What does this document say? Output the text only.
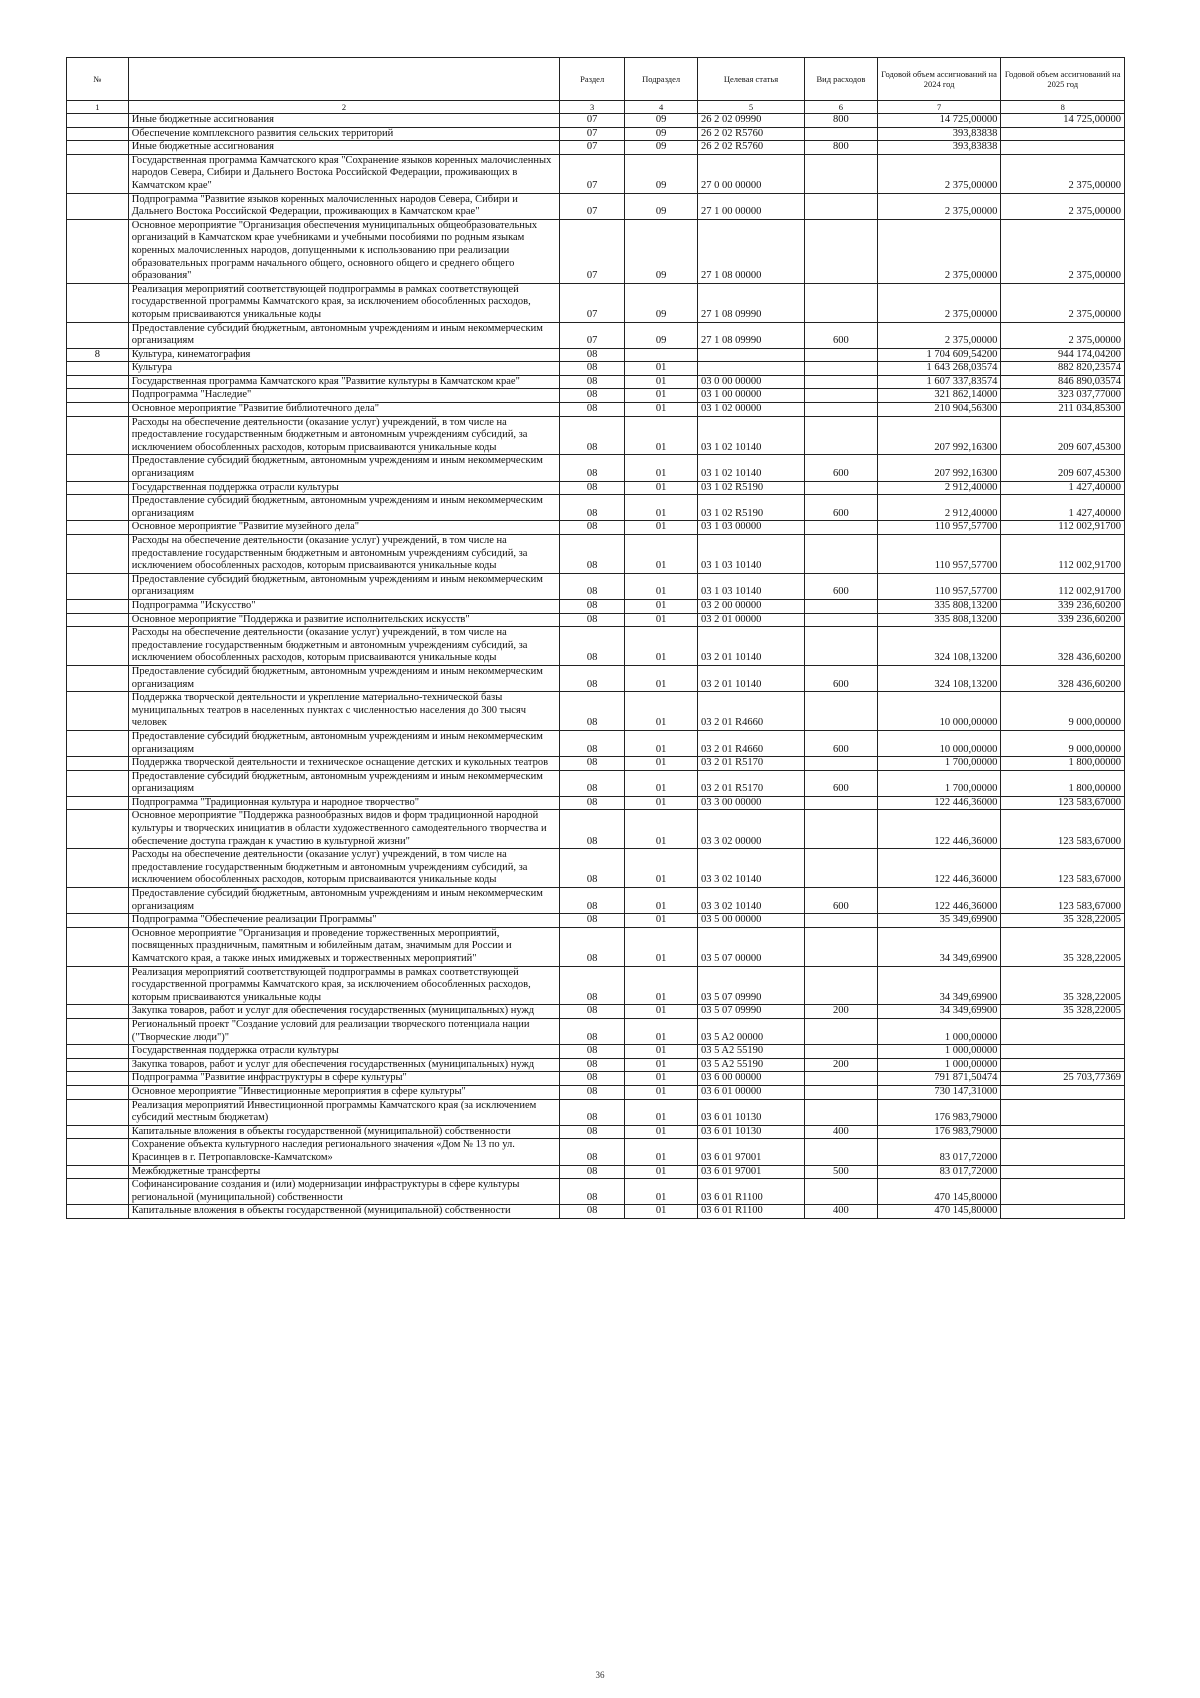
№		Раздел	Подраздел	Целевая статья	Вид расходов	Годовой объем ассигнований на 2024 год	Годовой объем ассигнований на 2025 год
1	2	3	4	5	6	7	8
	Иные бюджетные ассигнования	07	09	26 2 02 09990	800	14 725,00000	14 725,00000
	Обеспечение комплексного развития сельских территорий	07	09	26 2 02 R5760		393,83838	
	Иные бюджетные ассигнования	07	09	26 2 02 R5760	800	393,83838	
	Государственная программа Камчатского края "Сохранение языков коренных малочисленных народов Севера, Сибири и Дальнего Востока Российской Федерации, проживающих в Камчатском крае"	07	09	27 0 00 00000		2 375,00000	2 375,00000
	Подпрограмма "Развитие языков коренных малочисленных народов Севера, Сибири и Дальнего Востока Российской Федерации, проживающих в Камчатском крае"	07	09	27 1 00 00000		2 375,00000	2 375,00000
	Основное мероприятие "Организация обеспечения муниципальных общеобразовательных организаций в Камчатском крае учебниками и учебными пособиями по родным языкам коренных малочисленных народов, допущенными к использованию при реализации образовательных программ начального общего, основного общего и среднего общего образования"	07	09	27 1 08 00000		2 375,00000	2 375,00000
	Реализация мероприятий соответствующей подпрограммы в рамках соответствующей государственной программы Камчатского края, за исключением обособленных расходов, которым присваиваются уникальные коды	07	09	27 1 08 09990		2 375,00000	2 375,00000
	Предоставление субсидий бюджетным, автономным учреждениям и иным некоммерческим организациям	07	09	27 1 08 09990	600	2 375,00000	2 375,00000
8	Культура, кинематография	08				1 704 609,54200	944 174,04200
	Культура	08	01			1 643 268,03574	882 820,23574
	Государственная программа Камчатского края "Развитие культуры в Камчатском крае"	08	01	03 0 00 00000		1 607 337,83574	846 890,03574
	Подпрограмма "Наследие"	08	01	03 1 00 00000		321 862,14000	323 037,77000
	Основное мероприятие "Развитие библиотечного дела"	08	01	03 1 02 00000		210 904,56300	211 034,85300
	Расходы на обеспечение деятельности (оказание услуг) учреждений, в том числе на предоставление государственным бюджетным и автономным учреждениям субсидий, за исключением обособленных расходов, которым присваиваются уникальные коды	08	01	03 1 02 10140		207 992,16300	209 607,45300
	Предоставление субсидий бюджетным, автономным учреждениям и иным некоммерческим организациям	08	01	03 1 02 10140	600	207 992,16300	209 607,45300
	Государственная поддержка отрасли культуры	08	01	03 1 02 R5190		2 912,40000	1 427,40000
	Предоставление субсидий бюджетным, автономным учреждениям и иным некоммерческим организациям	08	01	03 1 02 R5190	600	2 912,40000	1 427,40000
	Основное мероприятие "Развитие музейного дела"	08	01	03 1 03 00000		110 957,57700	112 002,91700
	Расходы на обеспечение деятельности (оказание услуг) учреждений, в том числе на предоставление государственным бюджетным и автономным учреждениям субсидий, за исключением обособленных расходов, которым присваиваются уникальные коды	08	01	03 1 03 10140		110 957,57700	112 002,91700
	Предоставление субсидий бюджетным, автономным учреждениям и иным некоммерческим организациям	08	01	03 1 03 10140	600	110 957,57700	112 002,91700
	Подпрограмма "Искусство"	08	01	03 2 00 00000		335 808,13200	339 236,60200
	Основное мероприятие "Поддержка и развитие исполнительских искусств"	08	01	03 2 01 00000		335 808,13200	339 236,60200
	Расходы на обеспечение деятельности (оказание услуг) учреждений, в том числе на предоставление государственным бюджетным и автономным учреждениям субсидий, за исключением обособленных расходов, которым присваиваются уникальные коды	08	01	03 2 01 10140		324 108,13200	328 436,60200
	Предоставление субсидий бюджетным, автономным учреждениям и иным некоммерческим организациям	08	01	03 2 01 10140	600	324 108,13200	328 436,60200
	Поддержка творческой деятельности и укрепление материально-технической базы муниципальных театров в населенных пунктах с численностью населения до 300 тысяч человек	08	01	03 2 01 R4660		10 000,00000	9 000,00000
	Предоставление субсидий бюджетным, автономным учреждениям и иным некоммерческим организациям	08	01	03 2 01 R4660	600	10 000,00000	9 000,00000
	Поддержка творческой деятельности и техническое оснащение детских и кукольных театров	08	01	03 2 01 R5170		1 700,00000	1 800,00000
	Предоставление субсидий бюджетным, автономным учреждениям и иным некоммерческим организациям	08	01	03 2 01 R5170	600	1 700,00000	1 800,00000
	Подпрограмма "Традиционная культура и народное творчество"	08	01	03 3 00 00000		122 446,36000	123 583,67000
	Основное мероприятие "Поддержка разнообразных видов и форм традиционной народной культуры и творческих инициатив в области художественного самодеятельного творчества и обеспечение доступа граждан к участию в культурной жизни"	08	01	03 3 02 00000		122 446,36000	123 583,67000
	Расходы на обеспечение деятельности (оказание услуг) учреждений, в том числе на предоставление государственным бюджетным и автономным учреждениям субсидий, за исключением обособленных расходов, которым присваиваются уникальные коды	08	01	03 3 02 10140		122 446,36000	123 583,67000
	Предоставление субсидий бюджетным, автономным учреждениям и иным некоммерческим организациям	08	01	03 3 02 10140	600	122 446,36000	123 583,67000
	Подпрограмма "Обеспечение реализации Программы"	08	01	03 5 00 00000		35 349,69900	35 328,22005
	Основное мероприятие "Организация и проведение торжественных мероприятий, посвященных праздничным, памятным и юбилейным датам, значимым для России и Камчатского края, а также иных имиджевых и торжественных мероприятий"	08	01	03 5 07 00000		34 349,69900	35 328,22005
	Реализация мероприятий соответствующей подпрограммы в рамках соответствующей государственной программы Камчатского края, за исключением обособленных расходов, которым присваиваются уникальные коды	08	01	03 5 07 09990		34 349,69900	35 328,22005
	Закупка товаров, работ и услуг для обеспечения государственных (муниципальных) нужд	08	01	03 5 07 09990	200	34 349,69900	35 328,22005
	Региональный проект "Создание условий для реализации творческого потенциала нации ("Творческие люди")"	08	01	03 5 A2 00000		1 000,00000	
	Государственная поддержка отрасли культуры	08	01	03 5 A2 55190		1 000,00000	
	Закупка товаров, работ и услуг для обеспечения государственных (муниципальных) нужд	08	01	03 5 A2 55190	200	1 000,00000	
	Подпрограмма "Развитие инфраструктуры в сфере культуры"	08	01	03 6 00 00000		791 871,50474	25 703,77369
	Основное мероприятие "Инвестиционные мероприятия в сфере культуры"	08	01	03 6 01 00000		730 147,31000	
	Реализация мероприятий Инвестиционной программы Камчатского края (за исключением субсидий местным бюджетам)	08	01	03 6 01 10130		176 983,79000	
	Капитальные вложения в объекты государственной (муниципальной) собственности	08	01	03 6 01 10130	400	176 983,79000	
	Сохранение объекта культурного наследия регионального значения «Дом № 13 по ул. Красинцев в г. Петропавловске-Камчатском»	08	01	03 6 01 97001		83 017,72000	
	Межбюджетные трансферты	08	01	03 6 01 97001	500	83 017,72000	
	Софинансирование создания и (или) модернизации инфраструктуры в сфере культуры региональной (муниципальной) собственности	08	01	03 6 01 R1100		470 145,80000	
	Капитальные вложения в объекты государственной (муниципальной) собственности	08	01	03 6 01 R1100	400	470 145,80000	
36
